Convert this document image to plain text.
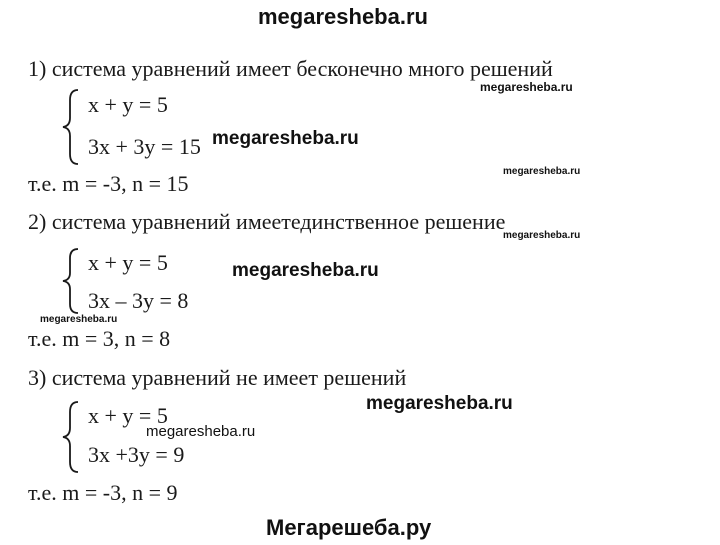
megaresheba.ru
1) система уравнений имеет бесконечно много решений
x + y = 5
3x + 3y = 15
т.е. m = -3, n = 15
2) система уравнений имеетединственное решение
x + y = 5
3x – 3y = 8
т.е. m = 3, n = 8
3) система уравнений не имеет решений
x + y = 5
3x +3y = 9
т.е. m = -3, n = 9
megaresheba.ru
megaresheba.ru
megaresheba.ru
megaresheba.ru
megaresheba.ru
megaresheba.ru
megaresheba.ru
megaresheba.ru
Мегарешеба.ру
